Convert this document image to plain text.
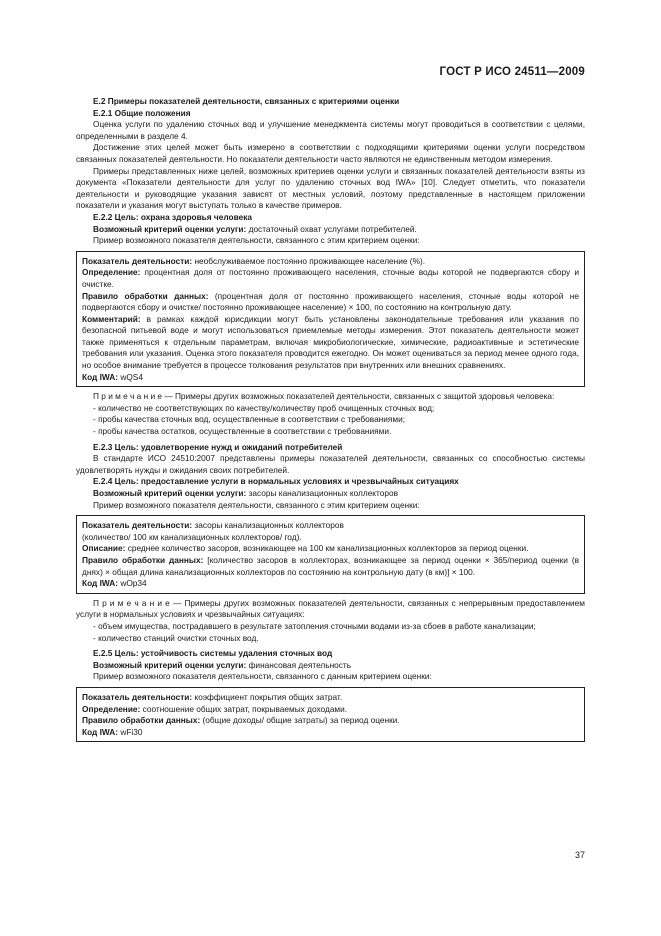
ГОСТ Р ИСО 24511—2009

E.2 Примеры показателей деятельности, связанных с критериями оценки

E.2.1 Общие положения

Оценка услуги по удалению сточных вод и улучшение менеджмента системы могут проводиться в соответствии с целями, определенными в разделе 4.

Достижение этих целей может быть измерено в соответствии с подходящими критериями оценки услуги посредством связанных показателей деятельности. Но показатели деятельности часто являются не единственным методом измерения.

Примеры представленных ниже целей, возможных критериев оценки услуги и связанных показателей деятельности взяты из документа «Показатели деятельности для услуг по удалению сточных вод IWA» [10]. Следует отметить, что показатели деятельности и руководящие указания зависят от местных условий, поэтому представленные в настоящем приложении показатели и указания могут выступать только в качестве примеров.

E.2.2 Цель: охрана здоровья человека

Возможный критерий оценки услуги: достаточный охват услугами потребителей.

Пример возможного показателя деятельности, связанного с этим критерием оценки:

Показатель деятельности: необслуживаемое постоянно проживающее население (%).

Определение: процентная доля от постоянно проживающего населения, сточные воды которой не подвергаются сбору и очистке.

Правило обработки данных: (процентная доля от постоянно проживающего населения, сточные воды которой не подвергаются сбору и очистке/ постоянно проживающее население) × 100, по состоянию на контрольную дату.

Комментарий: в рамках каждой юрисдикции могут быть установлены законодательные требования или указания по безопасной питьевой воде и могут использоваться приемлемые методы измерения. Этот показатель деятельности может также применяться к отдельным параметрам, включая микробиологические, химические, радиоактивные и эстетические требования или указания. Оценка этого показателя проводится ежегодно. Он может оцениваться за период менее одного года, но особое внимание требуется в процессе толкования результатов при внутренних или внешних сравнениях.

Код IWA: wQS4

П р и м е ч а н и е — Примеры других возможных показателей деятельности, связанных с защитой здоровья человека:

- количество не соответствующих по качеству/количеству проб очищенных сточных вод;
- пробы качества сточных вод, осуществленные в соответствии с требованиями;
- пробы качества остатков, осуществленные в соответствии с требованиями.

E.2.3 Цель: удовлетворение нужд и ожиданий потребителей

В стандарте ИСО 24510:2007 представлены примеры показателей деятельности, связанных со способностью системы удовлетворять нужды и ожидания своих потребителей.

E.2.4 Цель: предоставление услуги в нормальных условиях и чрезвычайных ситуациях

Возможный критерий оценки услуги: засоры канализационных коллекторов

Пример возможного показателя деятельности, связанного с этим критерием оценки:

Показатель деятельности: засоры канализационных коллекторов

(количество/ 100 км канализационных коллекторов/ год).

Описание: среднее количество засоров, возникающее на 100 км канализационных коллекторов за период оценки.

Правило обработки данных: [количество засоров в коллекторах, возникающее за период оценки × 365/период оценки (в днях) × общая длина канализационных коллекторов по состоянию на контрольную дату (в км)] × 100.

Код IWA: wOp34

П р и м е ч а н и е — Примеры других возможных показателей деятельности, связанных с непрерывным предоставлением услуги в нормальных условиях и чрезвычайных ситуациях:

- объем имущества, пострадавшего в результате затопления сточными водами из-за сбоев в работе канализации;
- количество станций очистки сточных вод.

E.2.5 Цель: устойчивость системы удаления сточных вод

Возможный критерий оценки услуги: финансовая деятельность

Пример возможного показателя деятельности, связанного с данным критерием оценки:

Показатель деятельности: коэффициент покрытия общих затрат.

Определение: соотношение общих затрат, покрываемых доходами.

Правило обработки данных: (общие доходы/ общие затраты) за период оценки.

Код IWA: wFi30

37
